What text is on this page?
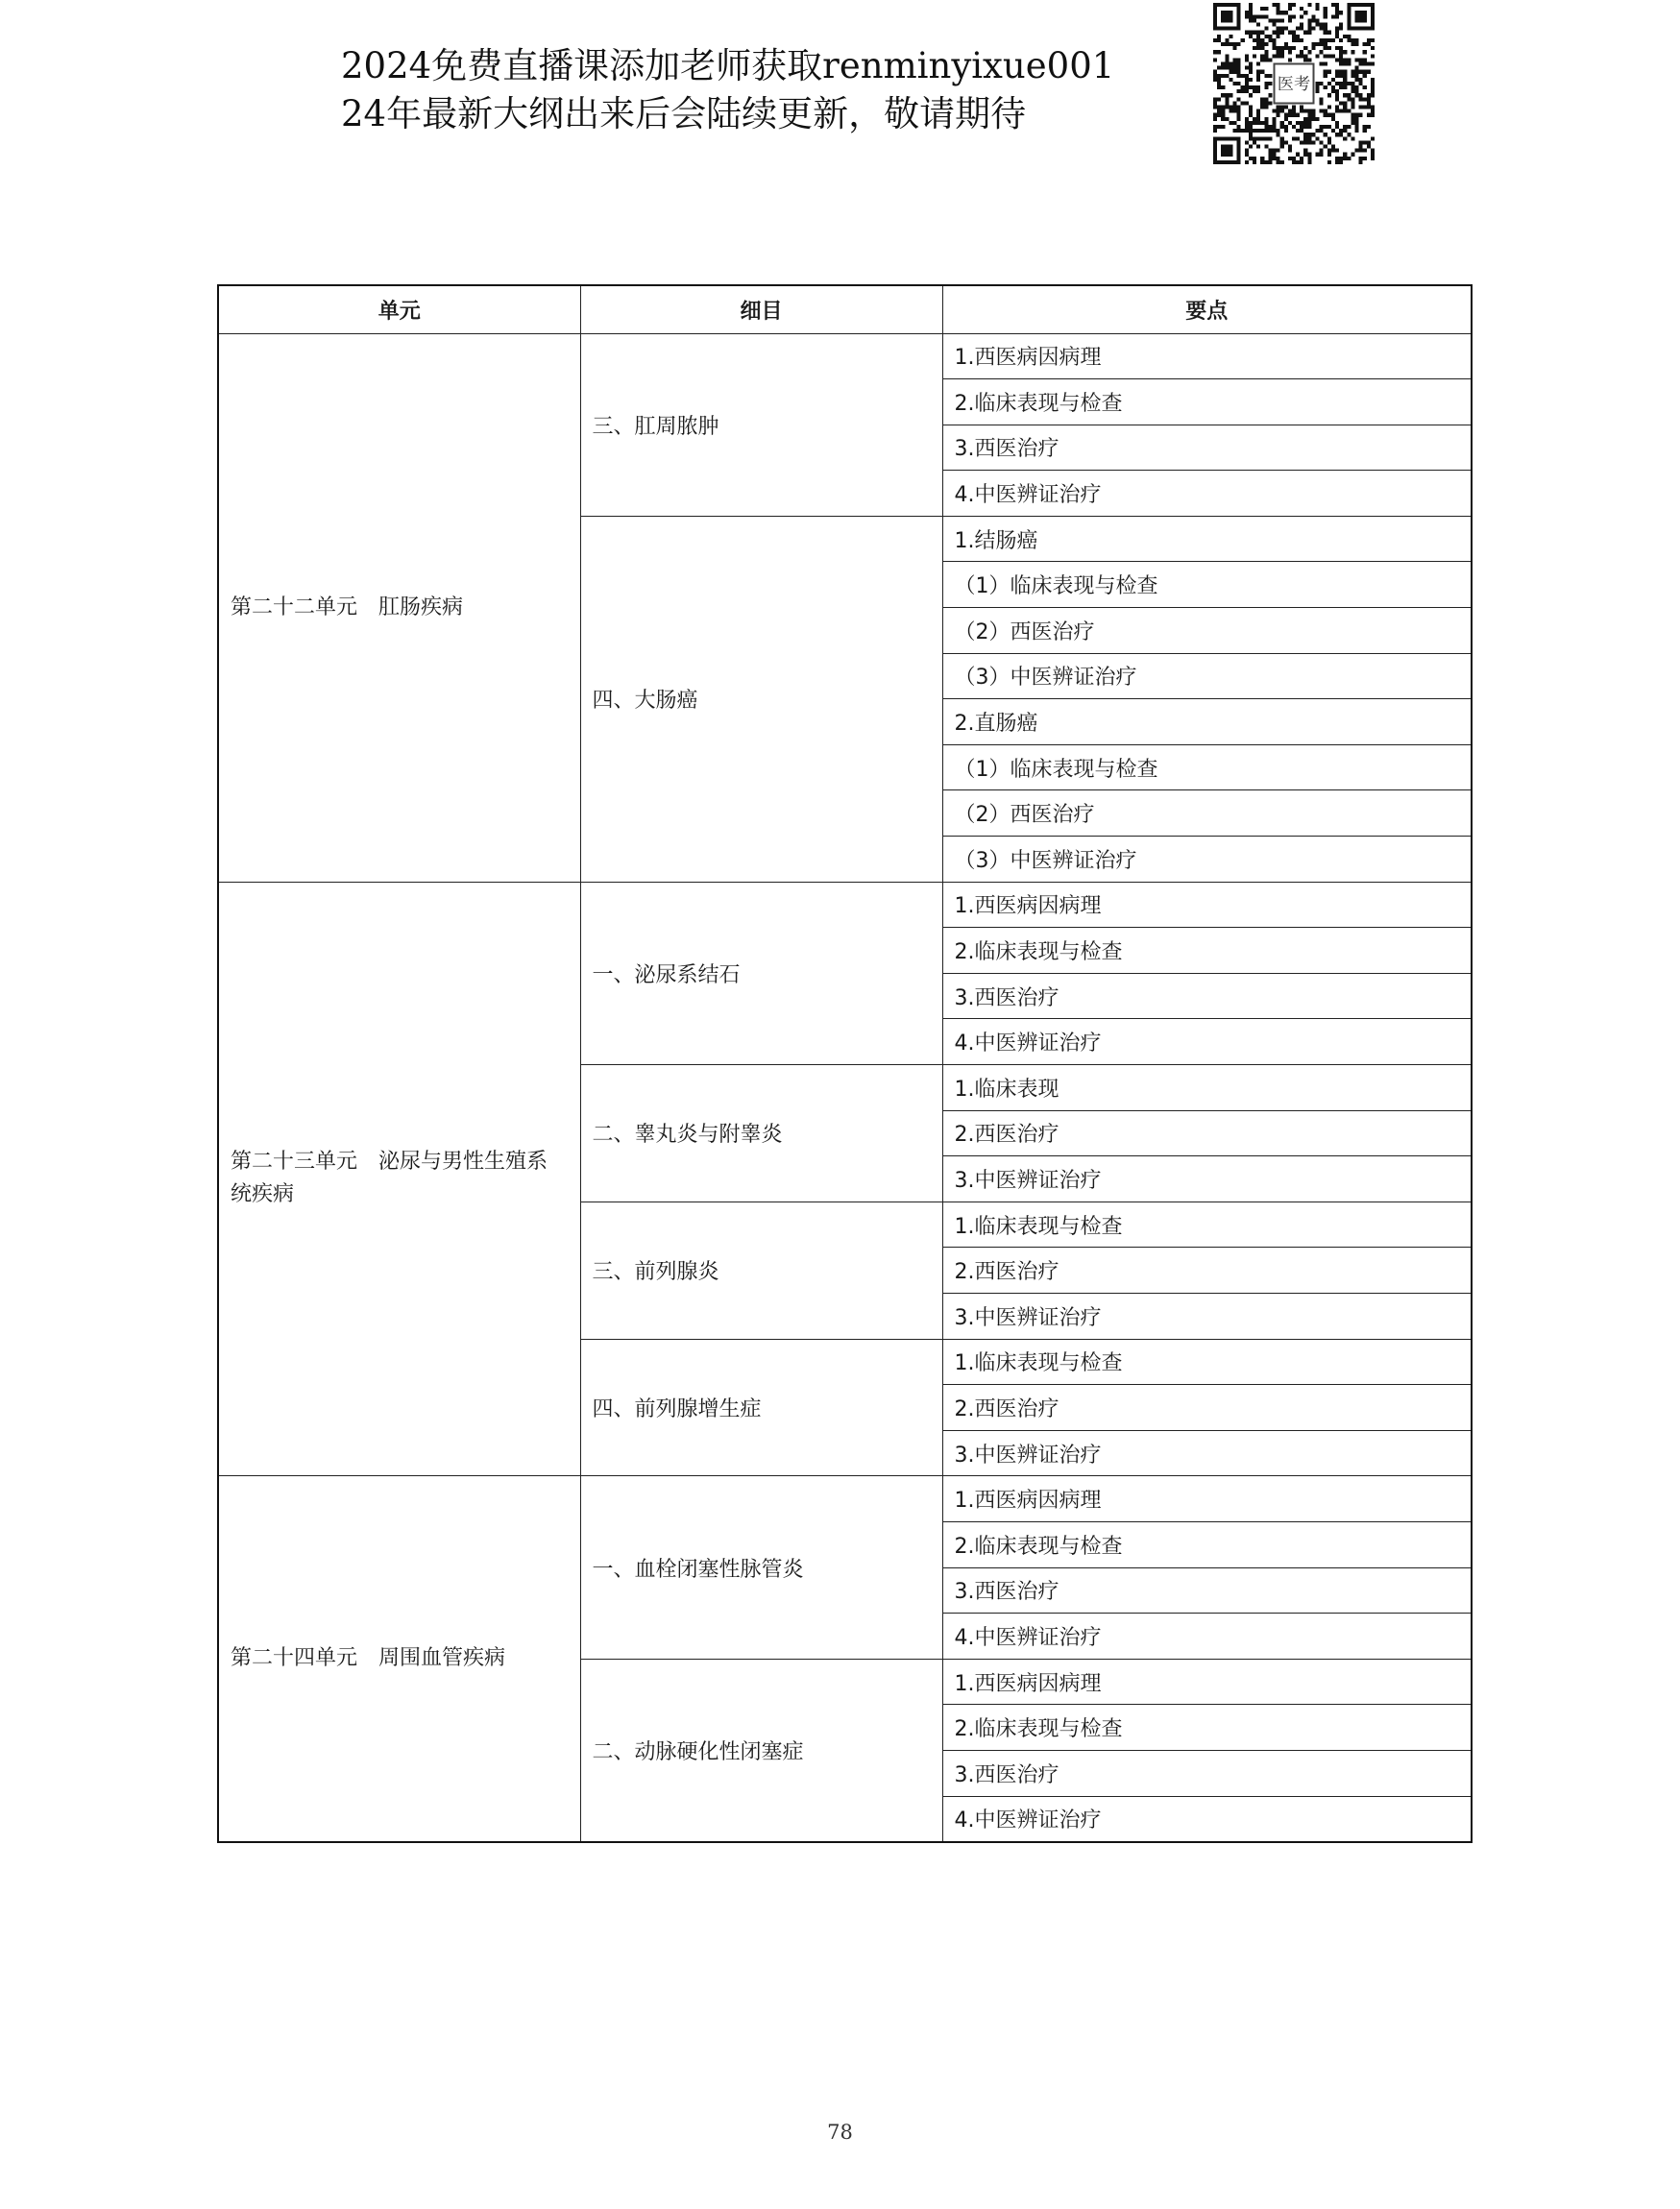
2024免费直播课添加老师获取renminyixue001
24年最新大纲出来后会陆续更新，敬请期待
医考
单元	细目	要点
第二十二单元　肛肠疾病	三、肛周脓肿	1.西医病因病理
		2.临床表现与检查
		3.西医治疗
		4.中医辨证治疗
	四、大肠癌	1.结肠癌
		（1）临床表现与检查
		（2）西医治疗
		（3）中医辨证治疗
		2.直肠癌
		（1）临床表现与检查
		（2）西医治疗
		（3）中医辨证治疗
第二十三单元　泌尿与男性生殖系统疾病	一、泌尿系结石	1.西医病因病理
		2.临床表现与检查
		3.西医治疗
		4.中医辨证治疗
	二、睾丸炎与附睾炎	1.临床表现
		2.西医治疗
		3.中医辨证治疗
	三、前列腺炎	1.临床表现与检查
		2.西医治疗
		3.中医辨证治疗
	四、前列腺增生症	1.临床表现与检查
		2.西医治疗
		3.中医辨证治疗
第二十四单元　周围血管疾病	一、血栓闭塞性脉管炎	1.西医病因病理
		2.临床表现与检查
		3.西医治疗
		4.中医辨证治疗
	二、动脉硬化性闭塞症	1.西医病因病理
		2.临床表现与检查
		3.西医治疗
		4.中医辨证治疗
78
